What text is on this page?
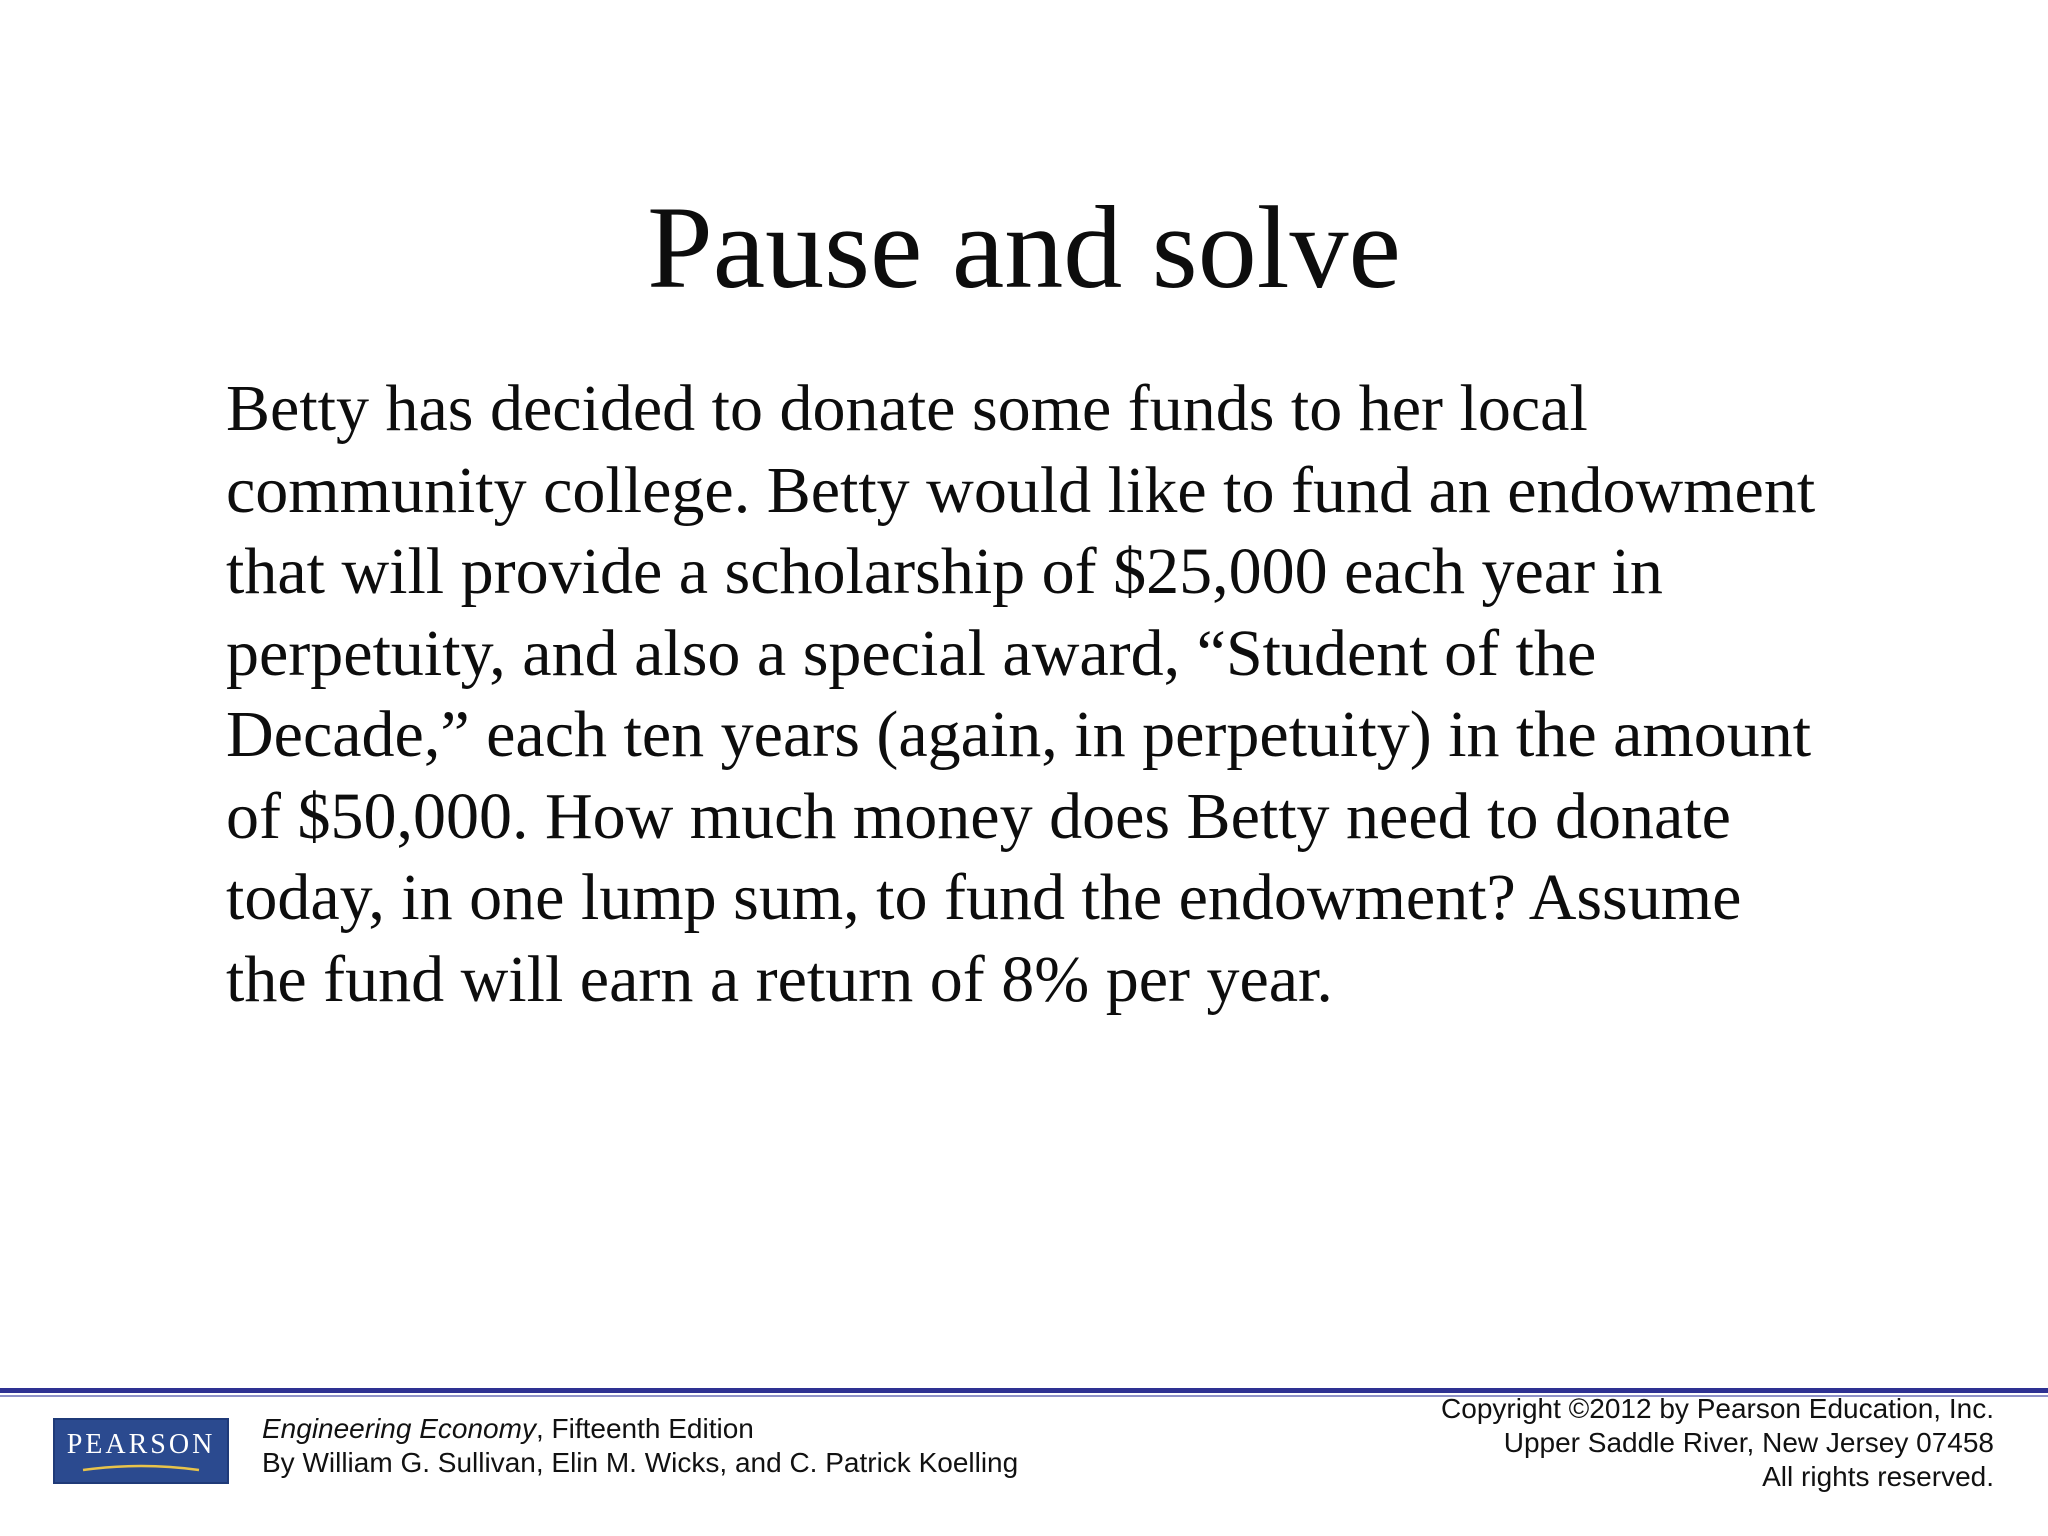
Pause and solve
Betty has decided to donate some funds to her local
community college. Betty would like to fund an endowment
that will provide a scholarship of $25,000 each year in
perpetuity, and also a special award, “Student of the
Decade,” each ten years (again, in perpetuity) in the amount
of $50,000. How much money does Betty need to donate
today, in one lump sum, to fund the endowment? Assume
the fund will earn a return of 8% per year.
PEARSON
Engineering Economy, Fifteenth Edition
By William G. Sullivan, Elin M. Wicks, and C. Patrick Koelling
Copyright ©2012 by Pearson Education, Inc.
Upper Saddle River, New Jersey 07458
All rights reserved.
